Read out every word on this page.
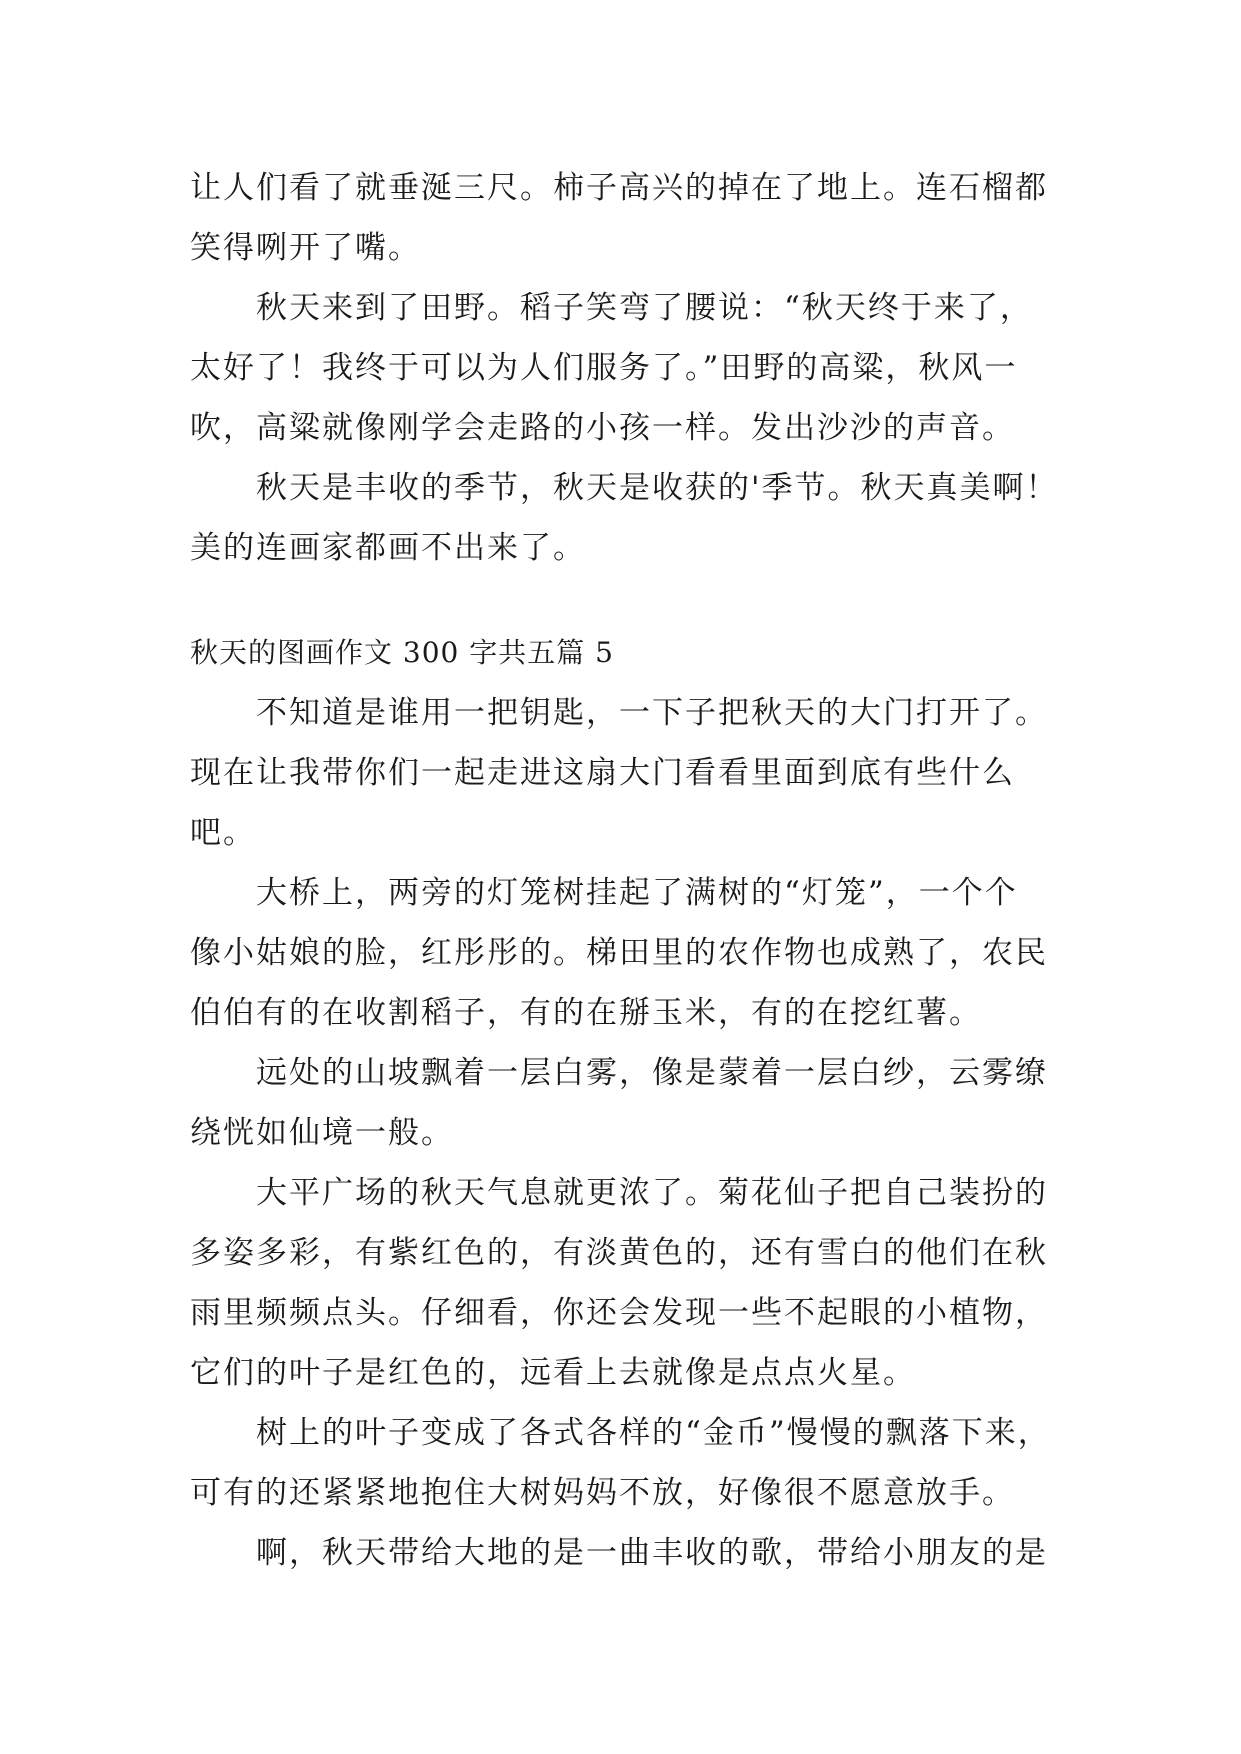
让人们看了就垂涎三尺。柿子高兴的掉在了地上。连石榴都
笑得咧开了嘴。
秋天来到了田野。稻子笑弯了腰说：“秋天终于来了，
太好了！我终于可以为人们服务了。”田野的高粱，秋风一
吹，高粱就像刚学会走路的小孩一样。发出沙沙的声音。
秋天是丰收的季节，秋天是收获的'季节。秋天真美啊！
美的连画家都画不出来了。
秋天的图画作文 300 字共五篇 5
不知道是谁用一把钥匙，一下子把秋天的大门打开了。
现在让我带你们一起走进这扇大门看看里面到底有些什么
吧。
大桥上，两旁的灯笼树挂起了满树的“灯笼”，一个个
像小姑娘的脸，红彤彤的。梯田里的农作物也成熟了，农民
伯伯有的在收割稻子，有的在掰玉米，有的在挖红薯。
远处的山坡飘着一层白雾，像是蒙着一层白纱，云雾缭
绕恍如仙境一般。
大平广场的秋天气息就更浓了。菊花仙子把自己装扮的
多姿多彩，有紫红色的，有淡黄色的，还有雪白的他们在秋
雨里频频点头。仔细看，你还会发现一些不起眼的小植物，
它们的叶子是红色的，远看上去就像是点点火星。
树上的叶子变成了各式各样的“金币”慢慢的飘落下来，
可有的还紧紧地抱住大树妈妈不放，好像很不愿意放手。
啊，秋天带给大地的是一曲丰收的歌，带给小朋友的是
